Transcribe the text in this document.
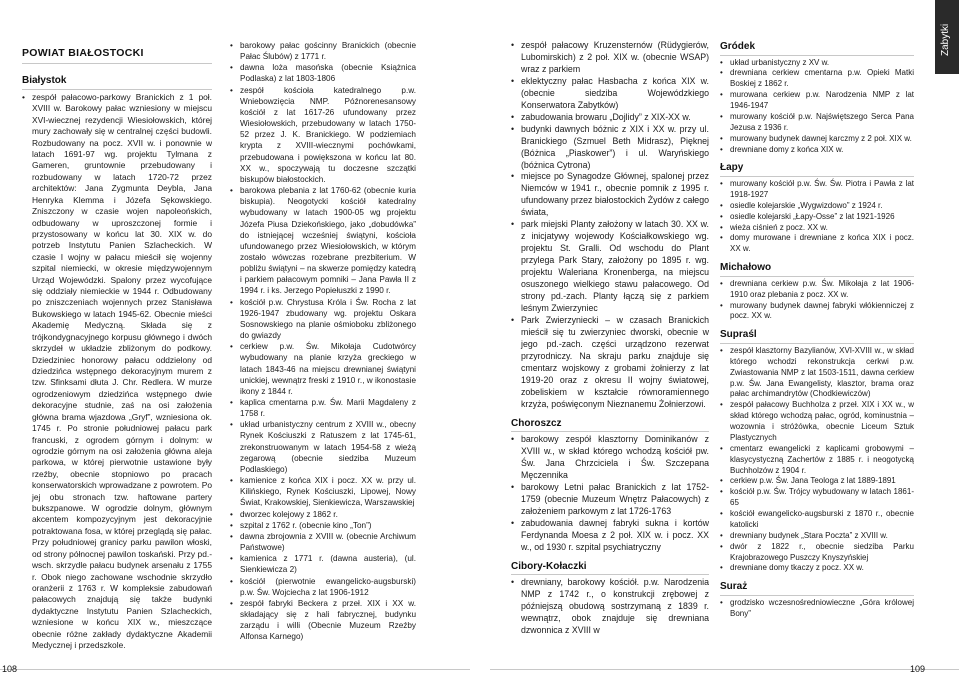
Zabytki
POWIAT BIAŁOSTOCKI
Białystok
• zespół pałacowo-parkowy Branickich z 1 poł. XVIII w. Barokowy pałac wzniesiony w miejscu XVI-wiecznej rezydencji Wiesiołowskich, której mury zachowały się w centralnej części budowli. Rozbudowany na pocz. XVII w. i ponownie w latach 1691-97 wg. projektu Tylmana z Gameren, gruntownie przebudowany i rozbudowany w latach 1720-72 przez architektów: Jana Zygmunta Deybla, Jana Henryka Klemma i Józefa Sękowskiego. Zniszczony w czasie wojen napoleońskich, odbudowany w uproszczonej formie i przystosowany w końcu lat 30. XIX w. do potrzeb Instytutu Panien Szlacheckich. W czasie I wojny w pałacu mieścił się wojenny szpital niemiecki, w okresie międzywojennym Urząd Wojewódzki. Spalony przez wycofujące się oddziały niemieckie w 1944 r. Odbudowany po zniszczeniach wojennych przez Stanisława Bukowskiego w latach 1945-62. Obecnie mieści Akademię Medyczną. Składa się z trójkondygnacyjnego korpusu głównego i dwóch skrzydeł w układzie zbliżonym do podkowy. Dziedziniec honorowy pałacu oddzielony od dziedzińca wstępnego dekoracyjnym murem z tzw. Sfinksami dłuta J. Chr. Redlera. W murze ogrodzeniowym dziedzińca wstępnego dwie dekoracyjne studnie, zaś na osi założenia główna brama wjazdowa „Gryf”, wzniesiona ok. 1745 r. Po stronie południowej pałacu park francuski, z ogrodem górnym i dolnym: w ogrodzie górnym na osi założenia główna aleja parkowa, w której pierwotnie ustawione były rzeźby, obecnie stopniowo po pracach konserwatorskich wprowadzane z powrotem. Po jej obu stronach tzw. haftowane partery bukszpanowe. W ogrodzie dolnym, głównym akcentem kompozycyjnym jest dekoracyjnie potraktowana fosa, w której przeglądą się pałac. Przy południowej granicy parku pawilon włoski, od strony północnej pawilon toskański. Przy pd.-wsch. skrzydle pałacu budynek arsenału z 1755 r. Obok niego zachowane wschodnie skrzydło oranżerii z 1763 r. W kompleksie zabudowań pałacowych znajdują się także budynki dydaktyczne Instytutu Panien Szlacheckich, wzniesione w końcu XIX w., mieszczące obecnie różne zakłady dydaktyczne Akademii Medycznej i przedszkole.
• barokowy pałac gościnny Branickich (obecnie Pałac Ślubów) z 1771 r.
• dawna loża masońska (obecnie Książnica Podlaska) z lat 1803-1806
• zespół kościoła katedralnego p.w. Wniebowzięcia NMP. Późnorenesansowy kościół z lat 1617-26 ufundowany przez Wiesiołowskich, przebudowany w latach 1750-52 przez J. K. Branickiego. W podziemiach krypta z XVIII-wiecznymi pochówkami, przebudowana i powiększona w końcu lat 80. XX w., spoczywają tu doczesne szczątki biskupów białostockich.
• barokowa plebania z lat 1760-62 (obecnie kuria biskupia). Neogotycki kościół katedralny wybudowany w latach 1900-05 wg projektu Józefa Piusa Dziekońskiego, jako „dobudówka” do istniejącej wcześniej świątyni, kościoła ufundowanego przez Wiesiołowskich, w którym zostało wówczas rozebrane prezbiterium. W pobliżu świątyni – na skwerze pomiędzy katedrą i parkiem pałacowym pomniki – Jana Pawła II z 1994 r. i ks. Jerzego Popiełuszki z 1990 r.
• kościół p.w. Chrystusa Króla i Św. Rocha z lat 1926-1947 zbudowany wg. projektu Oskara Sosnowskiego na planie ośmioboku zbliżonego do gwiazdy
• cerkiew p.w. Św. Mikołaja Cudotwórcy wybudowany na planie krzyża greckiego w latach 1843-46 na miejscu drewnianej świątyni unickiej, wewnątrz freski z 1910 r., w ikonostasie ikony z 1844 r.
• kaplica cmentarna p.w. Św. Marii Magdaleny z 1758 r.
• układ urbanistyczny centrum z XVIII w., obecny Rynek Kościuszki z Ratuszem z lat 1745-61, zrekonstruowanym w latach 1954-58 z wieżą zegarową (obecnie siedziba Muzeum Podlaskiego)
• kamienice z końca XIX i pocz. XX w. przy ul. Kilińskiego, Rynek Kościuszki, Lipowej, Nowy Świat, Krakowskiej, Sienkiewicza, Warszawskiej
• dworzec kolejowy z 1862 r.
• szpital z 1762 r. (obecnie kino „Ton”)
• dawna zbrojownia z XVIII w. (obecnie Archiwum Państwowe)
• kamienica z 1771 r. (dawna austeria), (ul. Sienkiewicza 2)
• kościół (pierwotnie ewangelicko-augsburski) p.w. Św. Wojciecha z lat 1906-1912
• zespół fabryki Beckera z przeł. XIX i XX w. składający się z hali fabrycznej, budynku zarządu i willi (Obecnie Muzeum Rzeźby Alfonsa Karnego)
• zespół pałacowy Kruzensternów (Rüdygierów, Lubomirskich) z 2 poł. XIX w. (obecnie WSAP) wraz z parkiem
• eklektyczny pałac Hasbacha z końca XIX w. (obecnie siedziba Wojewódzkiego Konserwatora Zabytków)
• zabudowania browaru „Dojlidy” z XIX-XX w.
• budynki dawnych bóżnic z XIX i XX w. przy ul. Branickiego (Szmuel Beth Midrasz), Pięknej (Bóżnica „Piaskower”) i ul. Waryńskiego (bóżnica Cytrona)
• miejsce po Synagodze Głównej, spalonej przez Niemców w 1941 r., obecnie pomnik z 1995 r. ufundowany przez białostockich Żydów z całego świata,
• park miejski Planty założony w latach 30. XX w. z inicjatywy wojewody Kościałkowskiego wg. projektu St. Gralli. Od wschodu do Plant przylega Park Stary, założony po 1895 r. wg. projektu Waleriana Kronenberga, na miejscu osuszonego wielkiego stawu pałacowego. Od strony pd.-zach. Planty łączą się z parkiem leśnym Zwierzyniec
• Park Zwierzyniecki – w czasach Branickich mieścił się tu zwierzyniec dworski, obecnie w jego pd.-zach. części urządzono rezerwat przyrodniczy. Na skraju parku znajduje się cmentarz wojskowy z grobami żołnierzy z lat 1919-20 oraz z okresu II wojny światowej, zobeliskiem w kształcie równoramiennego krzyża, poświęconym Nieznanemu Żołnierzowi.
Choroszcz
• barokowy zespół klasztorny Dominikanów z XVIII w., w skład którego wchodzą kościół pw. Św. Jana Chrzciciela i Św. Szczepana Męczennika
• barokowy Letni pałac Branickich z lat 1752-1759 (obecnie Muzeum Wnętrz Pałacowych) z założeniem parkowym z lat 1726-1763
• zabudowania dawnej fabryki sukna i kortów Ferdynanda Moesa z 2 poł. XIX w. i pocz. XX w., od 1930 r. szpital psychiatryczny
Cibory-Kołaczki
• drewniany, barokowy kościół. p.w. Narodzenia NMP z 1742 r., o konstrukcji zrębowej z późniejszą obudową sostrzymaną z 1839 r. wewnątrz, obok znajduje się drewniana dzwonnica z XVIII w
Gródek
• układ urbanistyczny z XV w.
• drewniana cerkiew cmentarna p.w. Opieki Matki Boskiej z 1862 r.
• murowana cerkiew p.w. Narodzenia NMP z lat 1946-1947
• murowany kościół p.w. Najświętszego Serca Pana Jezusa z 1936 r.
• murowany budynek dawnej karczmy z 2 poł. XIX w.
• drewniane domy z końca XIX w.
Łapy
• murowany kościół p.w. Św. Św. Piotra i Pawła z lat 1918-1927
• osiedle kolejarskie „Wygwizdowo” z 1924 r.
• osiedle kolejarski „Łapy-Osse” z lat 1921-1926
• wieża ciśnień z pocz. XX w.
• domy murowane i drewniane z końca XIX i pocz. XX w.
Michałowo
• drewniana cerkiew p.w. Św. Mikołaja z lat 1906-1910 oraz plebania z pocz. XX w.
• murowany budynek dawnej fabryki włókienniczej z pocz. XX w.
Supraśl
• zespół klasztorny Bazylianów, XVI-XVIII w., w skład którego wchodzi rekonstrukcja cerkwi p.w. Zwiastowania NMP z lat 1503-1511, dawna cerkiew p.w. Św. Jana Ewangelisty, klasztor, brama oraz pałac archimandrytów (Chodkiewiczów)
• zespół pałacowy Buchholza z przeł. XIX i XX w., w skład którego wchodzą pałac, ogród, kominustnia – wozownia i stróżówka, obecnie Liceum Sztuk Plastycznych
• cmentarz ewangelicki z kaplicami grobowymi – klasycystyczną Zachertów z 1885 r. i neogotycką Buchholzów z 1904 r.
• cerkiew p.w. Św. Jana Teologa z lat 1889-1891
• kościół p.w. Św. Trójcy wybudowany w latach 1861-65
• kościół ewangelicko-augsburski z 1870 r., obecnie katolicki
• drewniany budynek „Stara Poczta” z XVIII w.
• dwór z 1822 r., obecnie siedziba Parku Krajobrazowego Puszczy Knyszyńskiej
• drewniane domy tkaczy z pocz. XX w.
Suraż
• grodzisko wczesnośredniowieczne „Góra królowej Bony”
108	109
